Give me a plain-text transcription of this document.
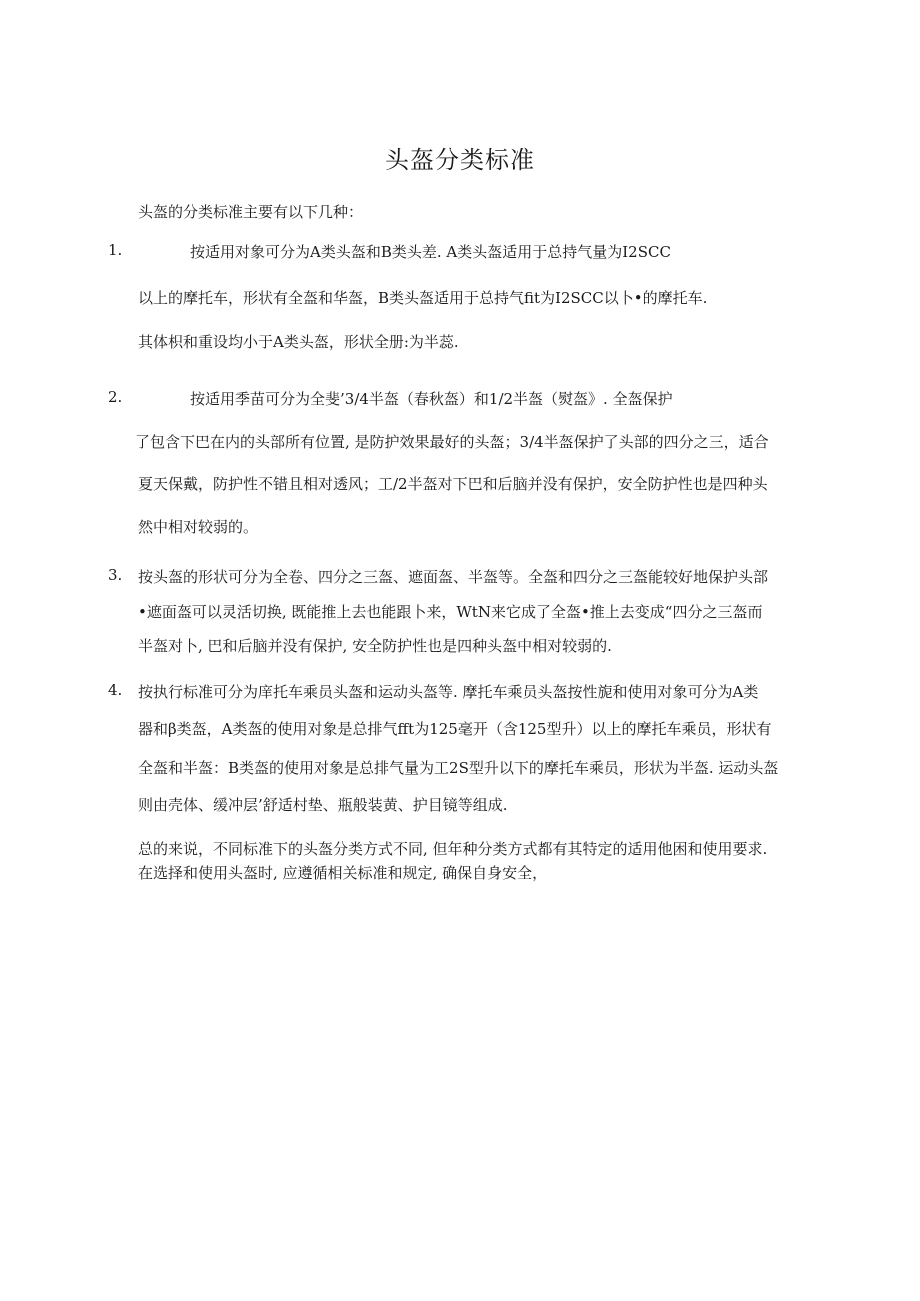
头盔分类标准
头盔的分类标准主要有以下几种：
1.	按适用对象可分为A类头盔和B类头差. A类头盔适用于总持气量为I2SCC
以上的摩托车，形状有全盔和华盔，B类头盔适用于总持气fit为I2SCC以卜•的摩托车.
其体枳和重设均小于A类头盔，形状全册:为半蕊.
2.	按适用季苗可分为全斐’3/4半盔（春秋盔）和1/2半盔（熨盔》. 全盔保护
了包含下巴在内的头部所有位置, 是防护效果最好的头盔；3/4半盔保护了头部的四分之三，适合
夏天保戴，防护性不错且相对透风；工/2半盔对下巴和后脑并没有保护，安全防护性也是四种头
然中相对较弱的。
3. 按头盔的形状可分为全卷、四分之三盔、遮面盔、半盔等。全盔和四分之三盔能较好地保护头部
•遮面盔可以灵活切换, 既能推上去也能跟卜来，WtN来它成了全盔•推上去变成“四分之三盔而
半盔对卜, 巴和后脑并没有保护, 安全防护性也是四种头盔中相对较弱的.
4. 按执行标准可分为庠托车乘员头盔和运动头盔等. 摩托车乘员头盔按性旎和使用对象可分为A类
器和β类盔，A类盔的使用对象是总排气fft为125毫开（含125型升）以上的摩托车乘员，形状有
全盔和半盔：B类盔的使用对象是总排气量为工2S型升以下的摩托车乘员，形状为半盔. 运动头盔
则由壳体、缓冲层’舒适村垫、瓶般装黄、护目镜等组成.
总的来说，不同标准下的头盔分类方式不同, 但年种分类方式都有其特定的适用他困和使用要求.
在选择和使用头盔时, 应遵循相关标准和规定, 确保自身安全，
